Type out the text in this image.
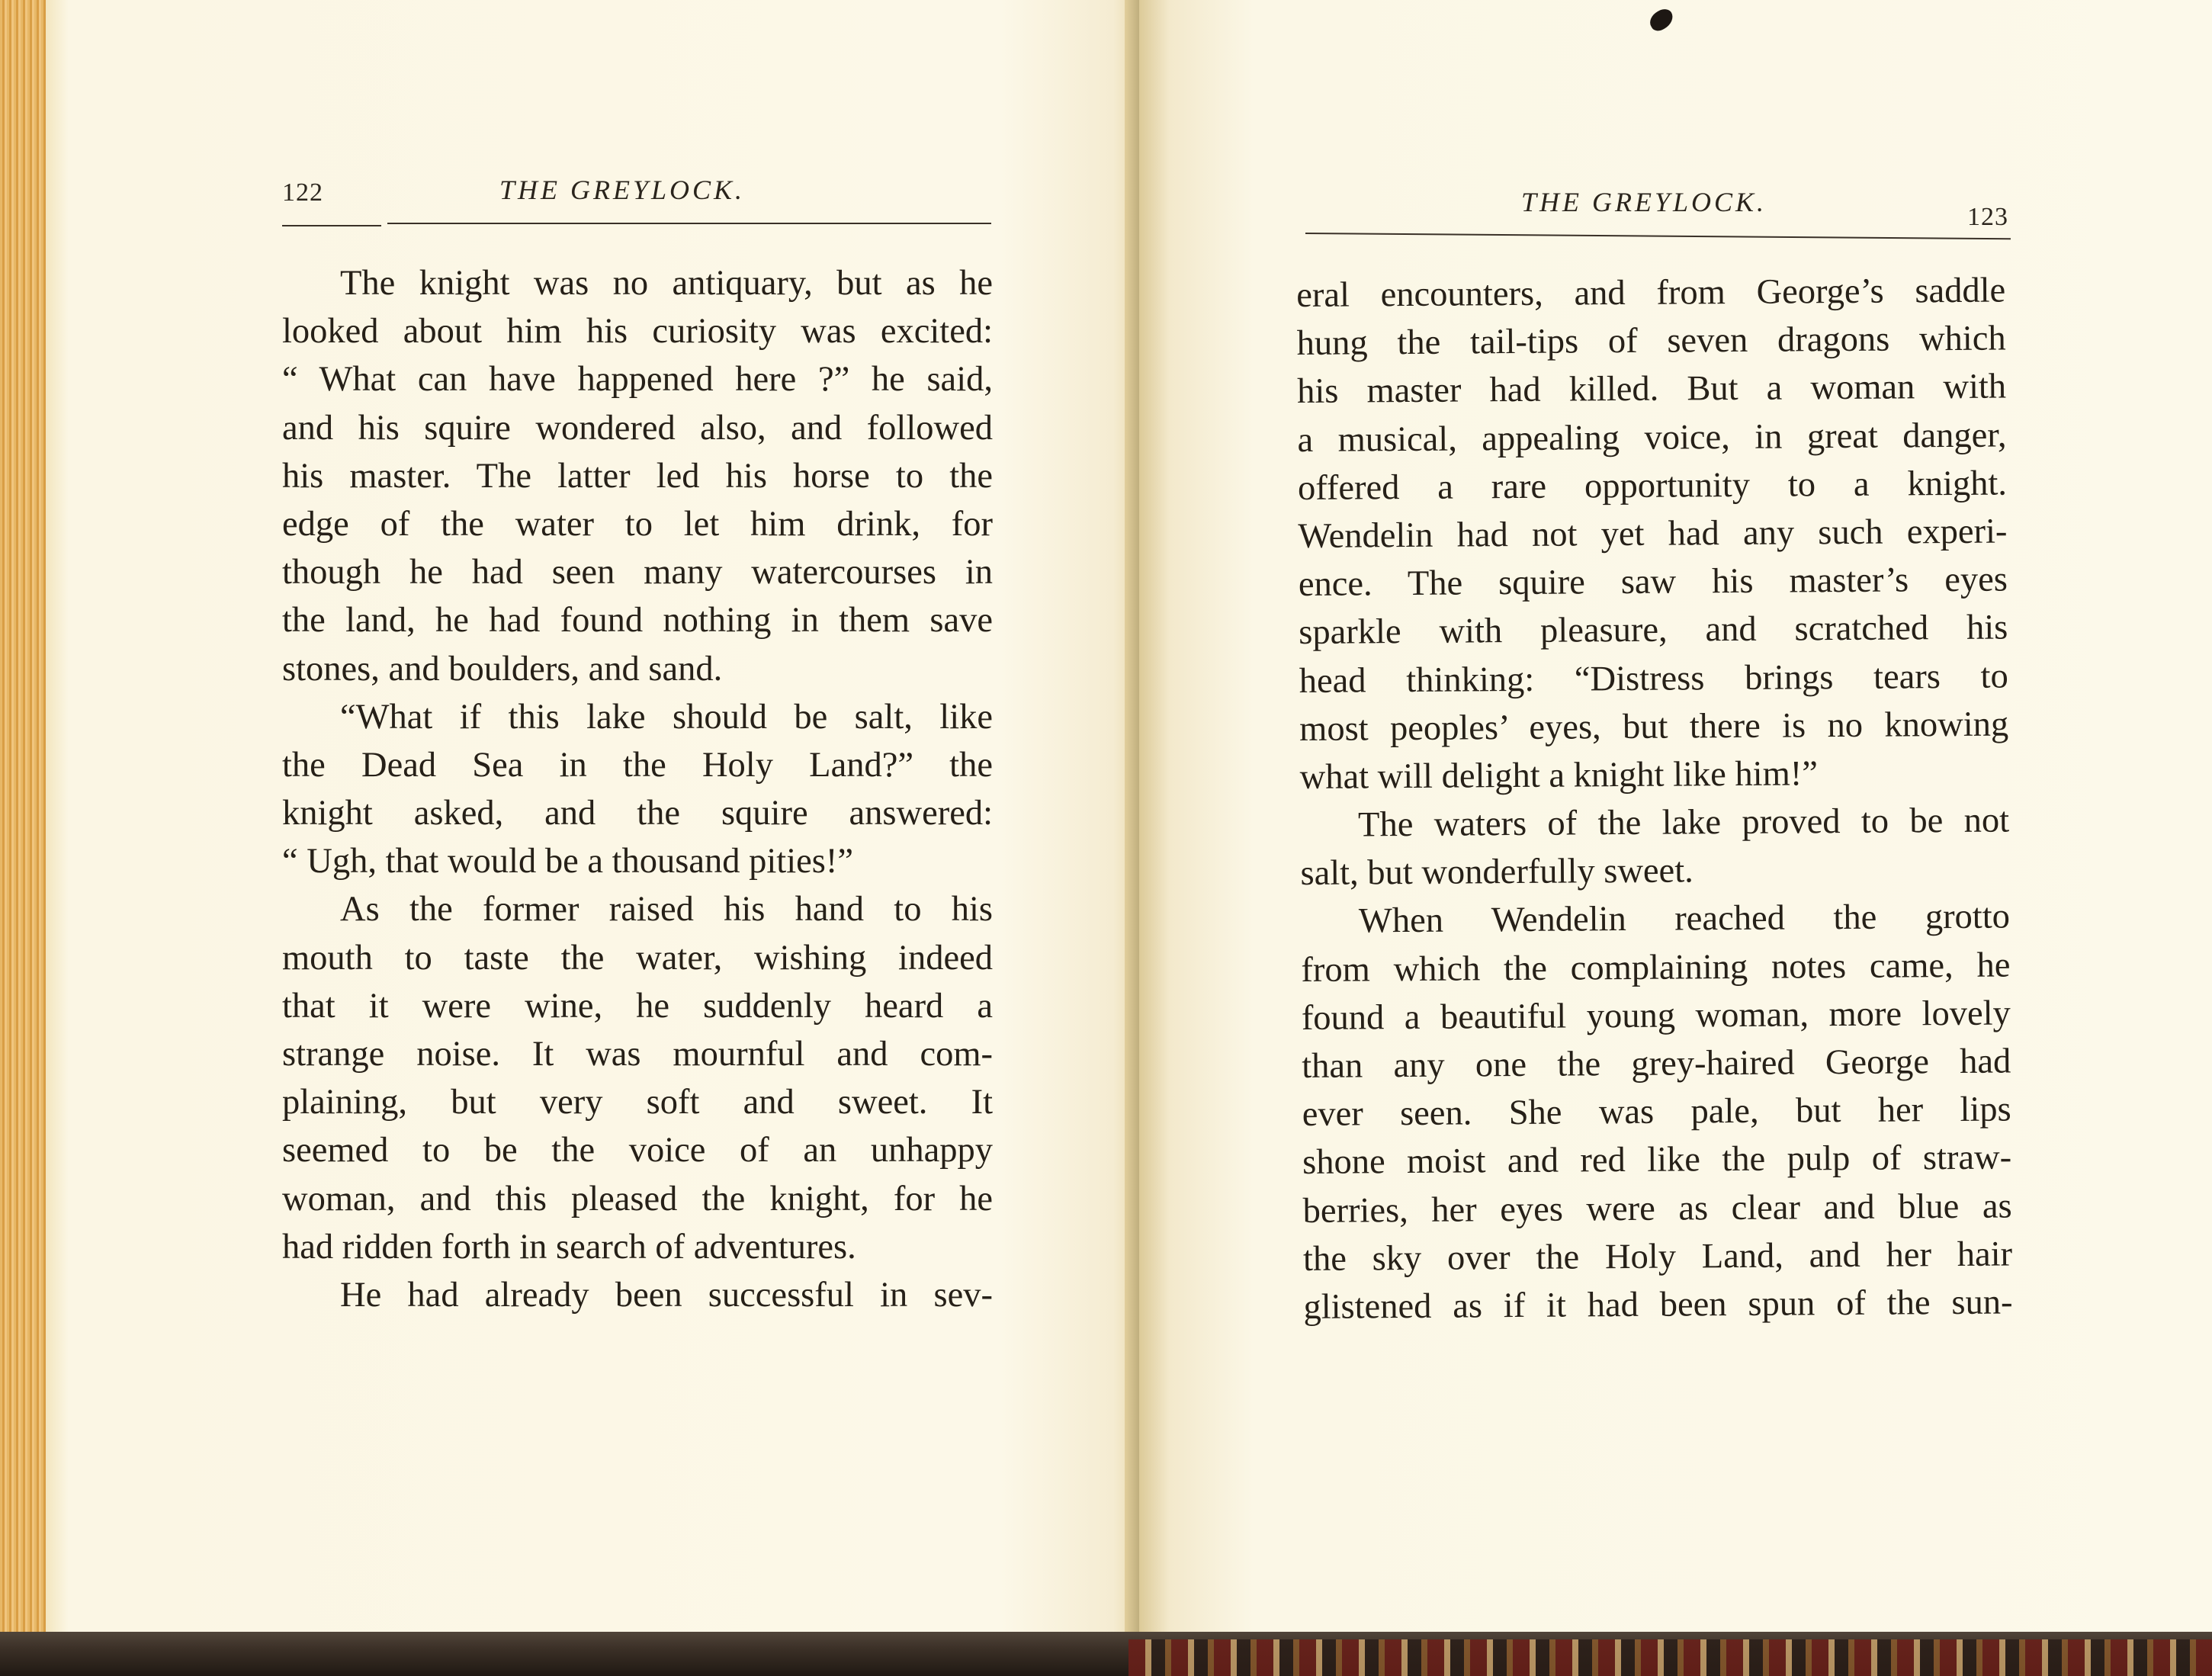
122	THE GREYLOCK.
The knight was no antiquary, but as he
looked about him his curiosity was excited:
“ What can have happened here ?” he said,
and his squire wondered also, and followed
his master. The latter led his horse to the
edge of the water to let him drink, for
though he had seen many watercourses in
the land, he had found nothing in them save
stones, and boulders, and sand.
“What if this lake should be salt, like
the Dead Sea in the Holy Land?” the
knight asked, and the squire answered:
“ Ugh, that would be a thousand pities!”
As the former raised his hand to his
mouth to taste the water, wishing indeed
that it were wine, he suddenly heard a
strange noise. It was mournful and com-
plaining, but very soft and sweet. It
seemed to be the voice of an unhappy
woman, and this pleased the knight, for he
had ridden forth in search of adventures.
He had already been successful in sev-
THE GREYLOCK.	123
eral encounters, and from George’s saddle
hung the tail-tips of seven dragons which
his master had killed. But a woman with
a musical, appealing voice, in great danger,
offered a rare opportunity to a knight.
Wendelin had not yet had any such experi-
ence. The squire saw his master’s eyes
sparkle with pleasure, and scratched his
head thinking: “Distress brings tears to
most peoples’ eyes, but there is no knowing
what will delight a knight like him!”
The waters of the lake proved to be not
salt, but wonderfully sweet.
When Wendelin reached the grotto
from which the complaining notes came, he
found a beautiful young woman, more lovely
than any one the grey-haired George had
ever seen. She was pale, but her lips
shone moist and red like the pulp of straw-
berries, her eyes were as clear and blue as
the sky over the Holy Land, and her hair
glistened as if it had been spun of the sun-
